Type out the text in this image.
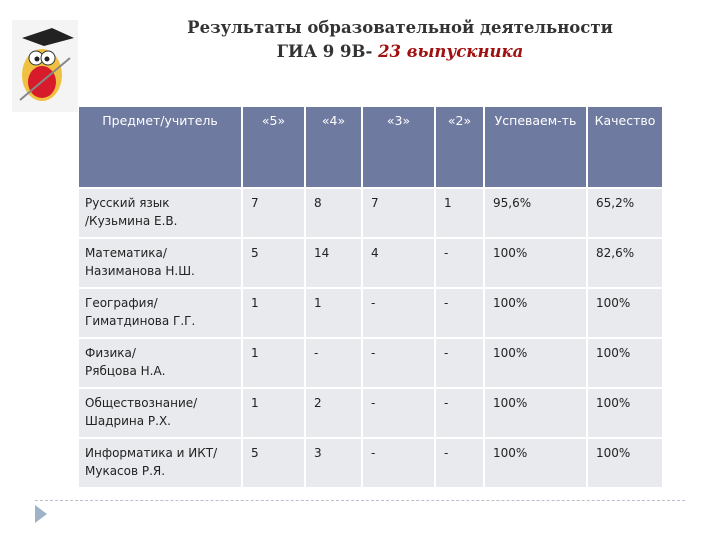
Результаты образовательной деятельности
ГИА 9 9В- 23 выпускника
Предмет/учитель	«5»	«4»	«3»	«2»	Успеваем-ть	Качество

Русский язык
/Кузьмина Е.В.	7	8	7	1	95,6%	65,2%

Математика/
Назиманова Н.Ш.	5	14	4	-	100%	82,6%

География/
Гиматдинова Г.Г.	1	1	-	-	100%	100%

Физика/
Рябцова Н.А.	1	-	-	-	100%	100%

Обществознание/
Шадрина Р.Х.	1	2	-	-	100%	100%

Информатика и ИКТ/
Мукасов Р.Я.	5	3	-	-	100%	100%
